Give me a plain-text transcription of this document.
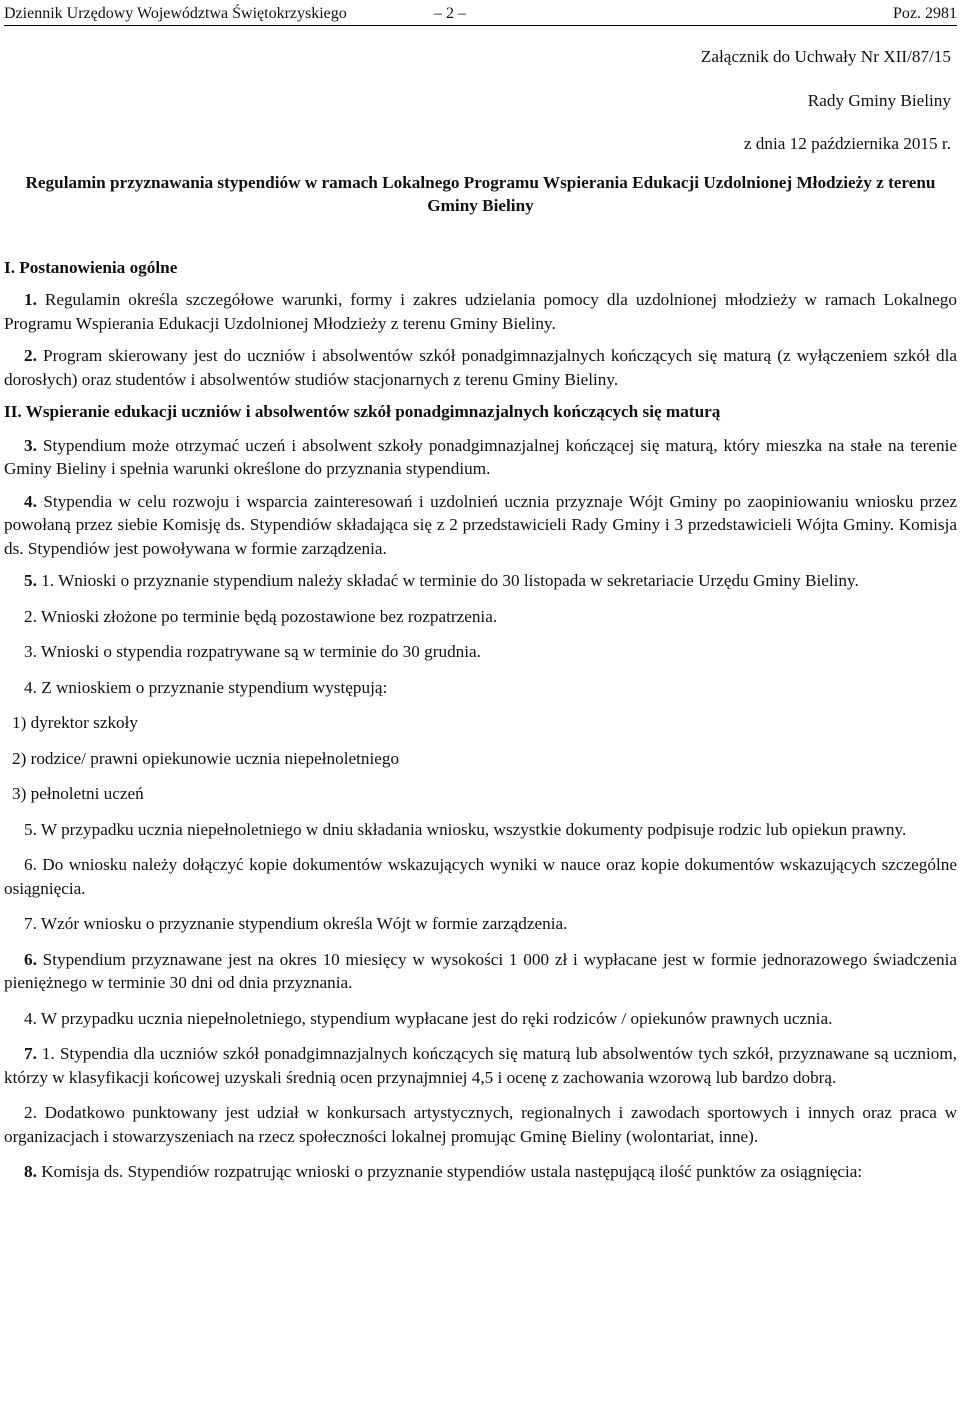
Dziennik Urzędowy Województwa Świętokrzyskiego	– 2 –	Poz. 2981

Załącznik do Uchwały Nr XII/87/15

Rady Gminy Bieliny

z dnia 12 października 2015 r.

Regulamin przyznawania stypendiów w ramach Lokalnego Programu Wspierania Edukacji Uzdolnionej Młodzieży z terenu Gminy Bieliny

I. Postanowienia ogólne

1. Regulamin określa szczegółowe warunki, formy i zakres udzielania pomocy dla uzdolnionej młodzieży w ramach Lokalnego Programu Wspierania Edukacji Uzdolnionej Młodzieży z terenu Gminy Bieliny.

2. Program skierowany jest do uczniów i absolwentów szkół ponadgimnazjalnych kończących się maturą (z wyłączeniem szkół dla dorosłych) oraz studentów i absolwentów studiów stacjonarnych z terenu Gminy Bieliny.

II. Wspieranie edukacji uczniów i absolwentów szkół ponadgimnazjalnych kończących się maturą

3. Stypendium może otrzymać uczeń i absolwent szkoły ponadgimnazjalnej kończącej się maturą, który mieszka na stałe na terenie Gminy Bieliny i spełnia warunki określone do przyznania stypendium.

4. Stypendia w celu rozwoju i wsparcia zainteresowań i uzdolnień ucznia przyznaje Wójt Gminy po zaopiniowaniu wniosku przez powołaną przez siebie Komisję ds. Stypendiów składająca się z 2 przedstawicieli Rady Gminy i 3 przedstawicieli Wójta Gminy. Komisja ds. Stypendiów jest powoływana w formie zarządzenia.

5. 1. Wnioski o przyznanie stypendium należy składać w terminie do 30 listopada w sekretariacie Urzędu Gminy Bieliny.

2. Wnioski złożone po terminie będą pozostawione bez rozpatrzenia.

3. Wnioski o stypendia rozpatrywane są w terminie do 30 grudnia.

4. Z wnioskiem o przyznanie stypendium występują:

1) dyrektor szkoły

2) rodzice/ prawni opiekunowie ucznia niepełnoletniego

3) pełnoletni uczeń

5. W przypadku ucznia niepełnoletniego w dniu składania wniosku, wszystkie dokumenty podpisuje rodzic lub opiekun prawny.

6. Do wniosku należy dołączyć kopie dokumentów wskazujących wyniki w nauce oraz kopie dokumentów wskazujących szczególne osiągnięcia.

7. Wzór wniosku o przyznanie stypendium określa Wójt w formie zarządzenia.

6. Stypendium przyznawane jest na okres 10 miesięcy w wysokości 1 000 zł i wypłacane jest w formie jednorazowego świadczenia pieniężnego w terminie 30 dni od dnia przyznania.

4. W przypadku ucznia niepełnoletniego, stypendium wypłacane jest do ręki rodziców / opiekunów prawnych ucznia.

7. 1. Stypendia dla uczniów szkół ponadgimnazjalnych kończących się maturą lub absolwentów tych szkół, przyznawane są uczniom, którzy w klasyfikacji końcowej uzyskali średnią ocen przynajmniej 4,5 i ocenę z zachowania wzorową lub bardzo dobrą.

2. Dodatkowo punktowany jest udział w konkursach artystycznych, regionalnych i zawodach sportowych i innych oraz praca w organizacjach i stowarzyszeniach na rzecz społeczności lokalnej promując Gminę Bieliny (wolontariat, inne).

8. Komisja ds. Stypendiów rozpatrując wnioski o przyznanie stypendiów ustala następującą ilość punktów za osiągnięcia:
